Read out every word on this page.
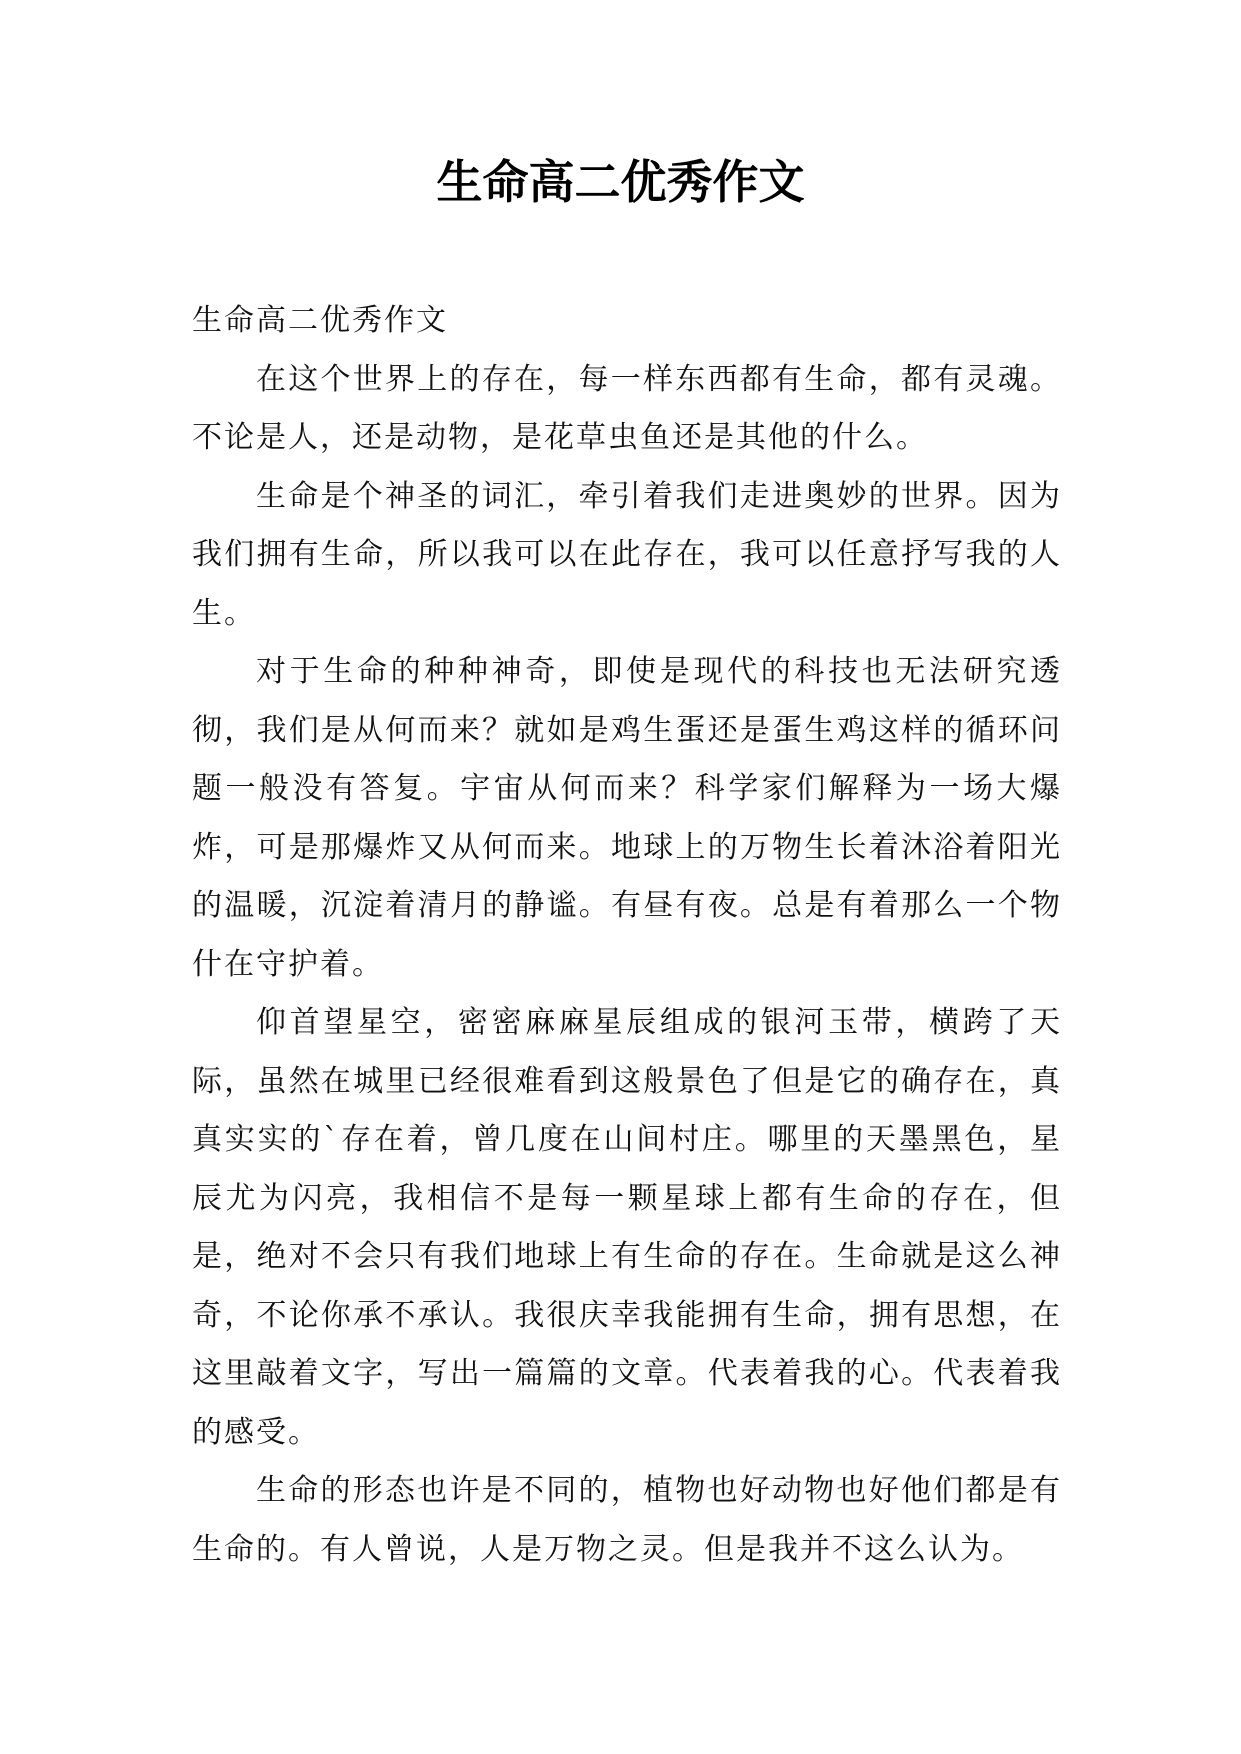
生命高二优秀作文

生命高二优秀作文

在这个世界上的存在，每一样东西都有生命，都有灵魂。不论是人，还是动物，是花草虫鱼还是其他的什么。

生命是个神圣的词汇，牵引着我们走进奥妙的世界。因为我们拥有生命，所以我可以在此存在，我可以任意抒写我的人生。

对于生命的种种神奇，即使是现代的科技也无法研究透彻，我们是从何而来？就如是鸡生蛋还是蛋生鸡这样的循环问题一般没有答复。宇宙从何而来？科学家们解释为一场大爆炸，可是那爆炸又从何而来。地球上的万物生长着沐浴着阳光的温暖，沉淀着清月的静谧。有昼有夜。总是有着那么一个物什在守护着。

仰首望星空，密密麻麻星辰组成的银河玉带，横跨了天际，虽然在城里已经很难看到这般景色了但是它的确存在，真真实实的`存在着，曾几度在山间村庄。哪里的天墨黑色，星辰尤为闪亮，我相信不是每一颗星球上都有生命的存在，但是，绝对不会只有我们地球上有生命的存在。生命就是这么神奇，不论你承不承认。我很庆幸我能拥有生命，拥有思想，在这里敲着文字，写出一篇篇的文章。代表着我的心。代表着我的感受。

生命的形态也许是不同的，植物也好动物也好他们都是有生命的。有人曾说，人是万物之灵。但是我并不这么认为。
